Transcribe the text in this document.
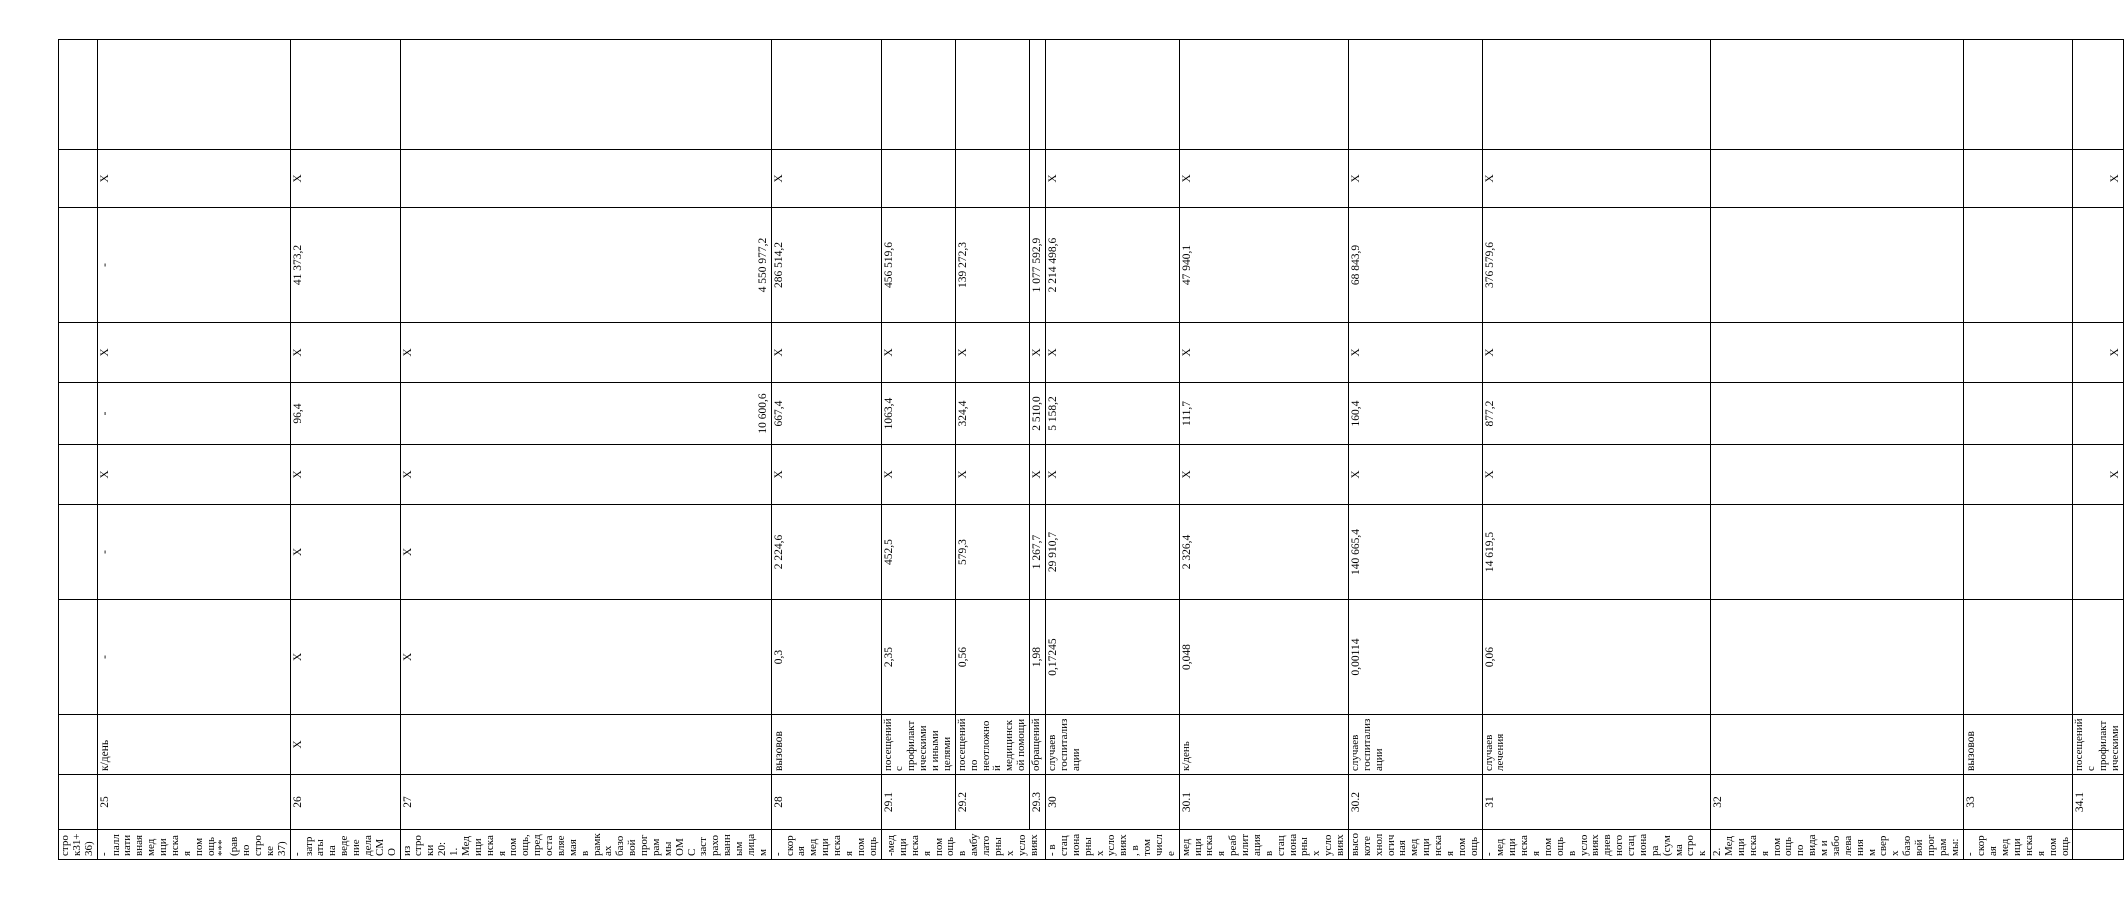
строк31+36)										
- паллиативная медицинская помощь***(равно строке 37)	25	к/день	-	-	Х	-	Х	-	Х	
- затраты на ведение дела СМО	26	Х	Х	Х	Х	96,4	Х	41 373,2	Х	
из строки 20: 1. Медицинская помощь, предоставляемая в рамках базовой программы ОМС застрахованным лицам	27		Х	Х	Х	10 600,6	Х	4 550 977,2		
- скорая медицинская помощь	28	вызовов	0,3	2 224,6	Х	667,4	Х	286 514,2	Х	
-медицинская помощь в амбулаторных условиях	29.1	посещений с профилактическими и иными целями	2,35	452,5	Х	1063,4	Х	456 519,6		
	29.2	посещений по неотложной медицинской помощи	0,56	579,3	Х	324,4	Х	139 272,3		
	29.3	обращений	1,98	1 267,7	Х	2 510,0	Х	1 077 592,9		
- в стационарных условиях, в том числе	30	случаев госпитализации	0,17245	29 910,7	Х	5 158,2	Х	2 214 498,6	Х	
медицинская реабилитация в стационарных условиях	30.1	к/день	0,048	2 326,4	Х	111,7	Х	47 940,1	Х	
высокотехнологичная медицинская помощь	30.2	случаев госпитализации	0,00114	140 665,4	Х	160,4	Х	68 843,9	Х	
- медицинская помощь в условиях дневного стационара (сумма строк	31	случаев лечения	0,06	14 619,5	Х	877,2	Х	376 579,6	Х	
2. Медицинская помощь по видам и заболеваниям сверх базовой программы:	32									
- скорая медицинская помощь	33	вызовов								
	34.1	посещений с профилактическими			Х		Х		Х	
